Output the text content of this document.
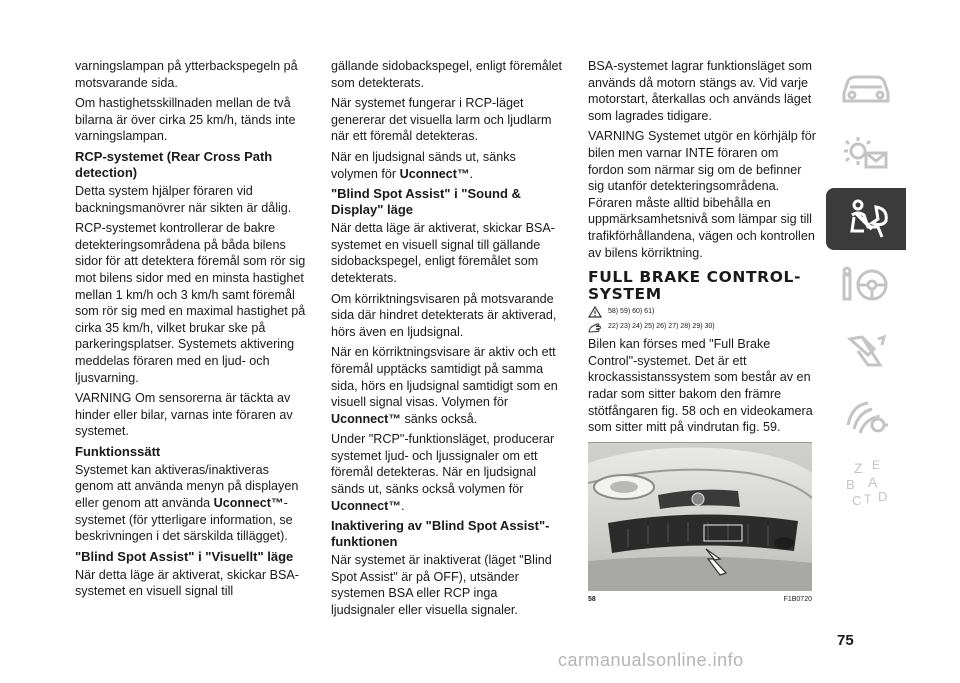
varningslampan på ytterbackspegeln på motsvarande sida.

Om hastighetsskillnaden mellan de två bilarna är över cirka 25 km/h, tänds inte varningslampan.

RCP-systemet (Rear Cross Path detection)

Detta system hjälper föraren vid backningsmanövrer när sikten är dålig.

RCP-systemet kontrollerar de bakre detekteringsområdena på båda bilens sidor för att detektera föremål som rör sig mot bilens sidor med en minsta hastighet mellan 1 km/h och 3 km/h samt föremål som rör sig med en maximal hastighet på cirka 35 km/h, vilket brukar ske på parkeringsplatser. Systemets aktivering meddelas föraren med en ljud- och ljusvarning.

VARNING Om sensorerna är täckta av hinder eller bilar, varnas inte föraren av systemet.

Funktionssätt

Systemet kan aktiveras/inaktiveras genom att använda menyn på displayen eller genom att använda Uconnect™-systemet (för ytterligare information, se beskrivningen i det särskilda tillägget).

"Blind Spot Assist" i "Visuellt" läge

När detta läge är aktiverat, skickar BSA-systemet en visuell signal till

gällande sidobackspegel, enligt föremålet som detekterats.

När systemet fungerar i RCP-läget genererar det visuella larm och ljudlarm när ett föremål detekteras.

När en ljudsignal sänds ut, sänks volymen för Uconnect™.

"Blind Spot Assist" i "Sound & Display" läge

När detta läge är aktiverat, skickar BSA-systemet en visuell signal till gällande sidobackspegel, enligt föremålet som detekterats.

Om körriktningsvisaren på motsvarande sida där hindret detekterats är aktiverad, hörs även en ljudsignal.

När en körriktningsvisare är aktiv och ett föremål upptäcks samtidigt på samma sida, hörs en ljudsignal samtidigt som en visuell signal visas. Volymen för Uconnect™ sänks också.

Under "RCP"-funktionsläget, producerar systemet ljud- och ljussignaler om ett föremål detekteras. När en ljudsignal sänds ut, sänks också volymen för Uconnect™.

Inaktivering av "Blind Spot Assist"-funktionen

När systemet är inaktiverat (läget "Blind Spot Assist" är på OFF), utsänder systemen BSA eller RCP inga ljudsignaler eller visuella signaler.

BSA-systemet lagrar funktionsläget som används då motorn stängs av. Vid varje motorstart, återkallas och används läget som lagrades tidigare.

VARNING Systemet utgör en körhjälp för bilen men varnar INTE föraren om fordon som närmar sig om de befinner sig utanför detekteringsområdena. Föraren måste alltid bibehålla en uppmärksamhetsnivå som lämpar sig till trafikförhållandena, vägen och kontrollen av bilens körriktning.

FULL BRAKE CONTROL-SYSTEM
58) 59) 60) 61)
22) 23) 24) 25) 26) 27) 28) 29) 30)

Bilen kan förses med "Full Brake Control"-systemet. Det är ett krockassistanssystem som består av en radar som sitter bakom den främre stötfångaren fig. 58 och en videokamera som sitter mitt på vindrutan fig. 59.

58	F1B0720
Z E
B A
C T D
75
carmanualsonline.info
